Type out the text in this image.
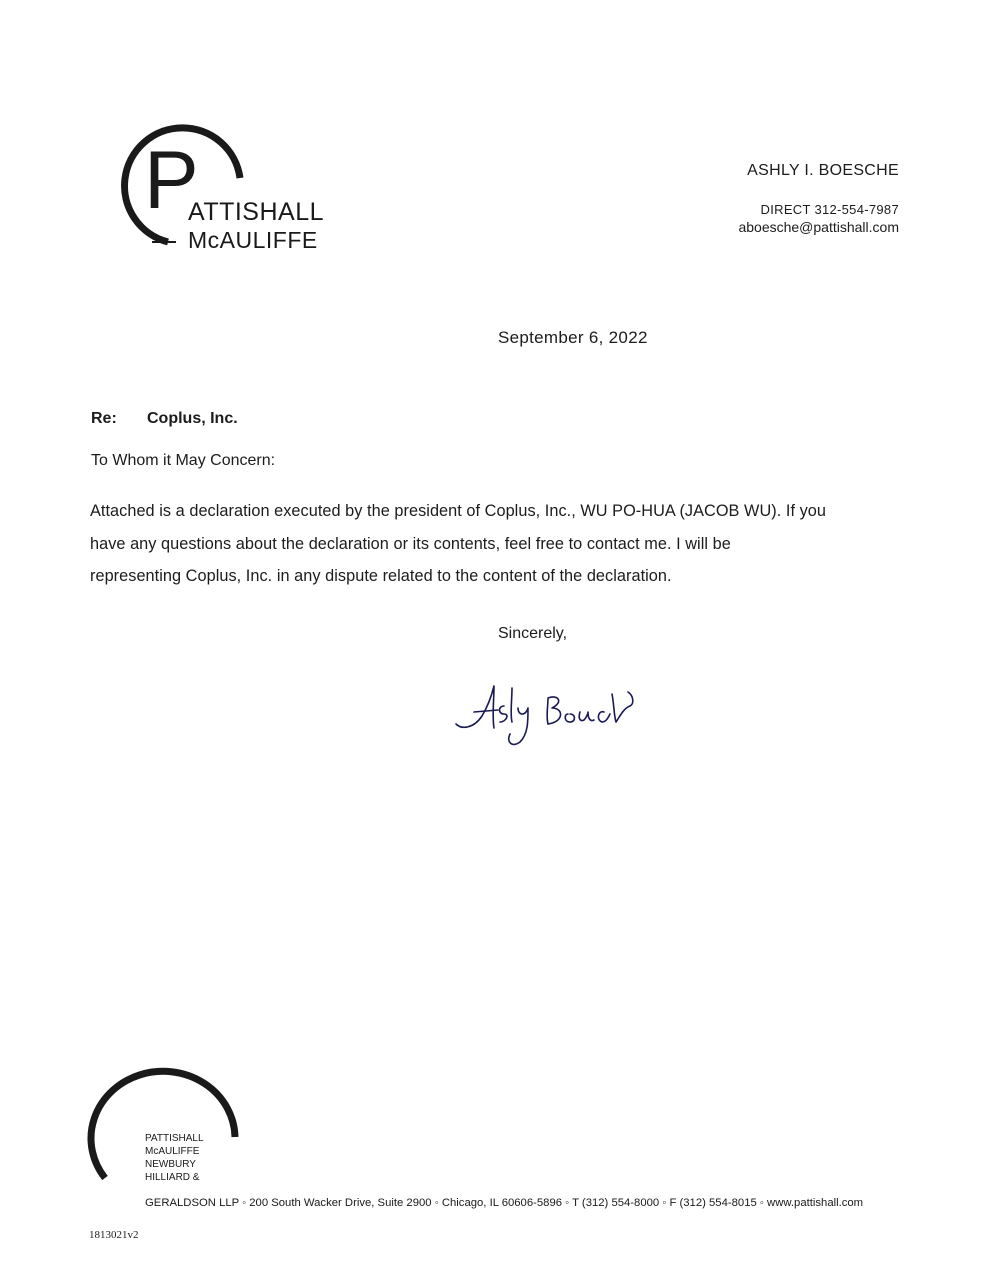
P
ATTISHALL
McAULIFFE
ASHLY I. BOESCHE
DIRECT 312-554-7987
aboesche@pattishall.com
September 6, 2022
Re: Coplus, Inc.
To Whom it May Concern:
Attached is a declaration executed by the president of Coplus, Inc., WU PO-HUA (JACOB WU). If you
have any questions about the declaration or its contents, feel free to contact me. I will be
representing Coplus, Inc. in any dispute related to the content of the declaration.
Sincerely,
PATTISHALL
McAULIFFE
NEWBURY
HILLIARD &
GERALDSON LLP ◦ 200 South Wacker Drive, Suite 2900 ◦ Chicago, IL 60606-5896 ◦ T (312) 554-8000 ◦ F (312) 554-8015 ◦ www.pattishall.com
1813021v2
